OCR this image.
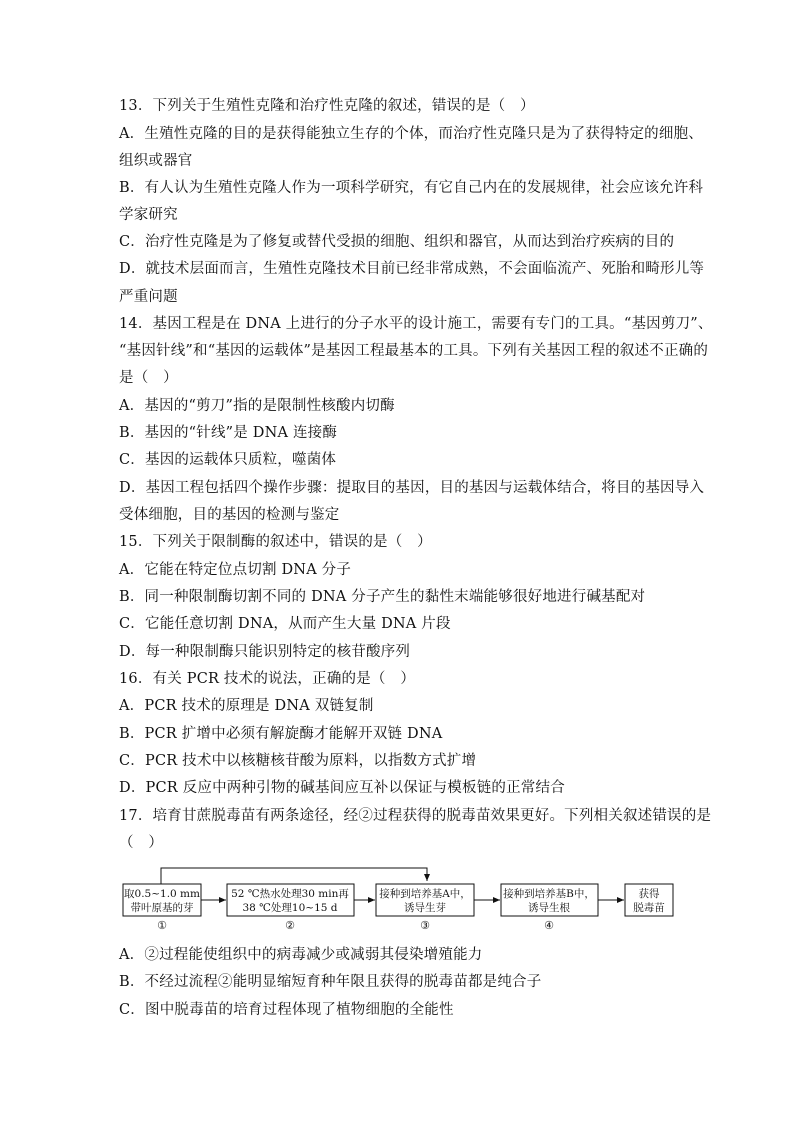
13．下列关于生殖性克隆和治疗性克隆的叙述，错误的是（　）
A．生殖性克隆的目的是获得能独立生存的个体，而治疗性克隆只是为了获得特定的细胞、
组织或器官
B．有人认为生殖性克隆人作为一项科学研究，有它自己内在的发展规律，社会应该允许科
学家研究
C．治疗性克隆是为了修复或替代受损的细胞、组织和器官，从而达到治疗疾病的目的
D．就技术层面而言，生殖性克隆技术目前已经非常成熟，不会面临流产、死胎和畸形儿等
严重问题
14．基因工程是在 DNA 上进行的分子水平的设计施工，需要有专门的工具。“基因剪刀”、
“基因针线”和“基因的运载体”是基因工程最基本的工具。下列有关基因工程的叙述不正确的
是（　）
A．基因的“剪刀”指的是限制性核酸内切酶
B．基因的“针线”是 DNA 连接酶
C．基因的运载体只质粒，噬菌体
D．基因工程包括四个操作步骤：提取目的基因，目的基因与运载体结合，将目的基因导入
受体细胞，目的基因的检测与鉴定
15．下列关于限制酶的叙述中，错误的是（　）
A．它能在特定位点切割 DNA 分子
B．同一种限制酶切割不同的 DNA 分子产生的黏性末端能够很好地进行碱基配对
C．它能任意切割 DNA，从而产生大量 DNA 片段
D．每一种限制酶只能识别特定的核苷酸序列
16．有关 PCR 技术的说法，正确的是（　）
A．PCR 技术的原理是 DNA 双链复制
B．PCR 扩增中必须有解旋酶才能解开双链 DNA
C．PCR 技术中以核糖核苷酸为原料，以指数方式扩增
D．PCR 反应中两种引物的碱基间应互补以保证与模板链的正常结合
17．培育甘蔗脱毒苗有两条途径，经②过程获得的脱毒苗效果更好。下列相关叙述错误的是
（　）
取0.5~1.0 mm
带叶原基的芽
①
52 ℃热水处理30 min再
38 ℃处理10~15 d
②
接种到培养基A中，
诱导生芽
③
接种到培养基B中，
诱导生根
④
获得
脱毒苗
A．②过程能使组织中的病毒减少或减弱其侵染增殖能力
B．不经过流程②能明显缩短育种年限且获得的脱毒苗都是纯合子
C．图中脱毒苗的培育过程体现了植物细胞的全能性
